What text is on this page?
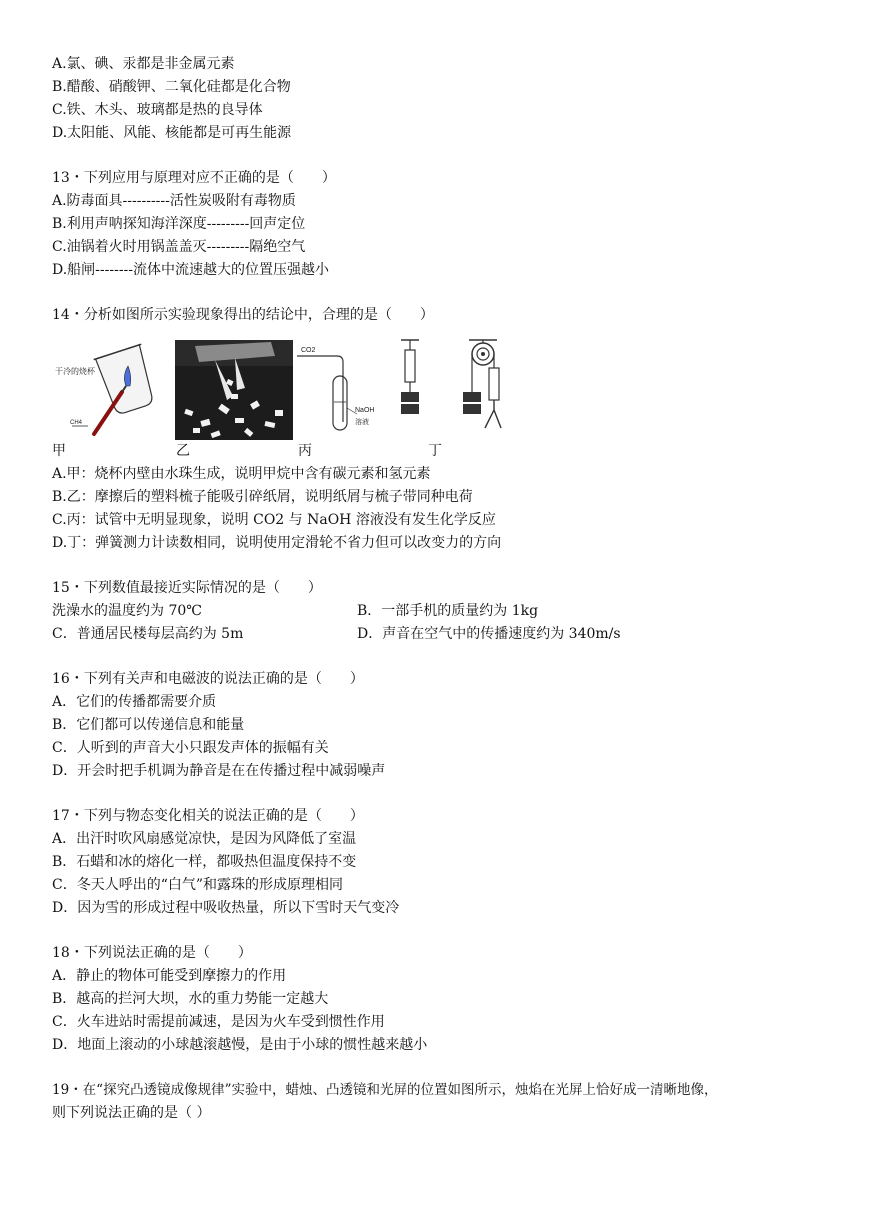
A.氯、碘、汞都是非金属元素
B.醋酸、硝酸钾、二氧化硅都是化合物
C.铁、木头、玻璃都是热的良导体
D.太阳能、风能、核能都是可再生能源
13・下列应用与原理对应不正确的是（　　）
A.防毒面具----------活性炭吸附有毒物质
B.利用声呐探知海洋深度---------回声定位
C.油锅着火时用锅盖盖灭---------隔绝空气
D.船闸--------流体中流速越大的位置压强越小
14・分析如图所示实验现象得出的结论中，合理的是（　　）
干冷的烧杯
CH4
CO2
NaOH
溶液
甲	乙	丙	丁
A.甲：烧杯内壁由水珠生成，说明甲烷中含有碳元素和氢元素
B.乙：摩擦后的塑料梳子能吸引碎纸屑，说明纸屑与梳子带同种电荷
C.丙：试管中无明显现象，说明 CO2 与 NaOH 溶液没有发生化学反应
D.丁：弹簧测力计读数相同，说明使用定滑轮不省力但可以改变力的方向
15・下列数值最接近实际情况的是（　　）
洗澡水的温度约为 70℃	B．一部手机的质量约为 1kg
C．普通居民楼每层高约为 5m	D．声音在空气中的传播速度约为 340m/s
16・下列有关声和电磁波的说法正确的是（　　）
A．它们的传播都需要介质
B．它们都可以传递信息和能量
C．人听到的声音大小只跟发声体的振幅有关
D．开会时把手机调为静音是在在传播过程中减弱噪声
17・下列与物态变化相关的说法正确的是（　　）
A．出汗时吹风扇感觉凉快，是因为风降低了室温
B．石蜡和冰的熔化一样，都吸热但温度保持不变
C．冬天人呼出的“白气”和露珠的形成原理相同
D．因为雪的形成过程中吸收热量，所以下雪时天气变冷
18・下列说法正确的是（　　）
A．静止的物体可能受到摩擦力的作用
B．越高的拦河大坝，水的重力势能一定越大
C．火车进站时需提前减速，是因为火车受到惯性作用
D．地面上滚动的小球越滚越慢，是由于小球的惯性越来越小
19・在“探究凸透镜成像规律”实验中，蜡烛、凸透镜和光屏的位置如图所示，烛焰在光屏上恰好成一清晰地像，
则下列说法正确的是（ ）
